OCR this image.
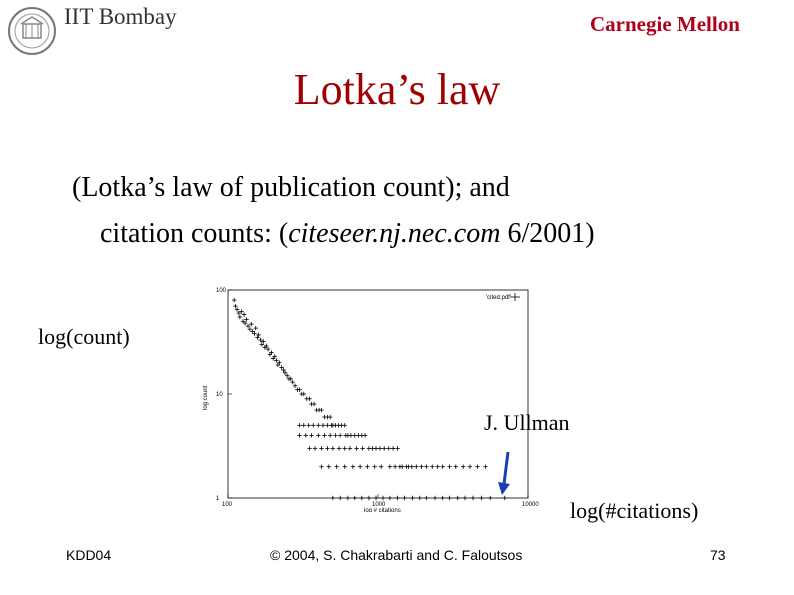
IIT Bombay	Carnegie Mellon
Lotka’s law
(Lotka’s law of publication count); and
citation counts: (citeseer.nj.nec.com 6/2001)
log(count)
100	1000	10000
1
10
100
'cited.pdf'
log # citations
log count
J. Ullman
log(#citations)
KDD04	© 2004, S. Chakrabarti and C. Faloutsos	73
